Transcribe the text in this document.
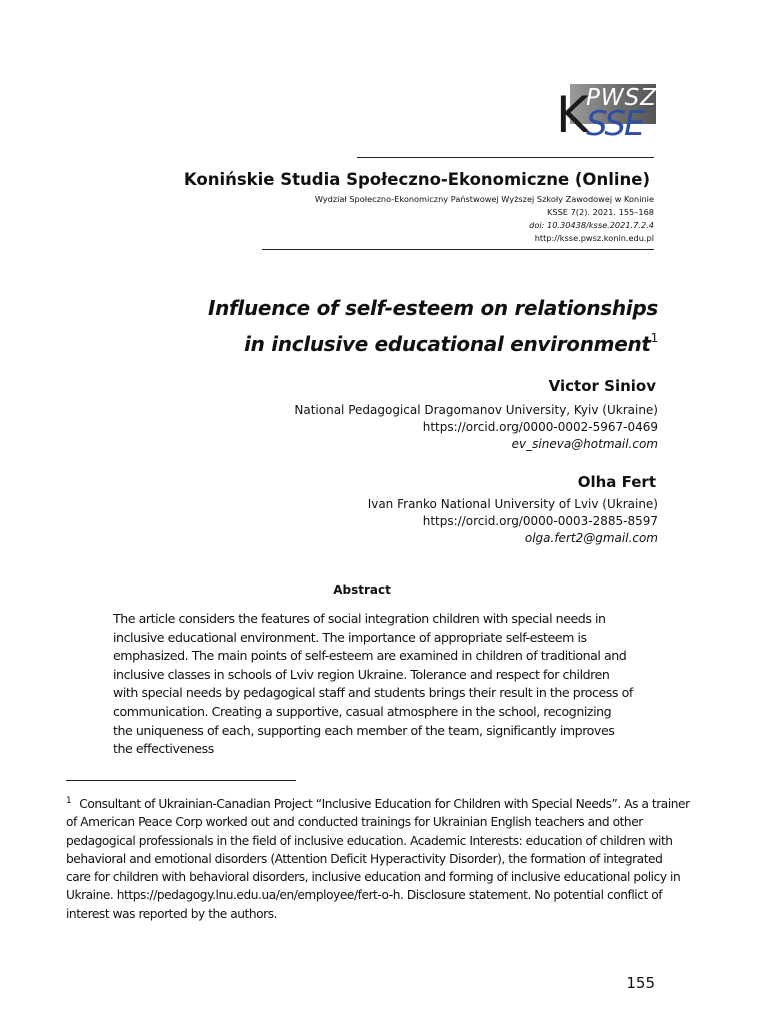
PWSZ
K SSE
Konińskie Studia Społeczno-Ekonomiczne (Online)
Wydział Społeczno-Ekonomiczny Państwowej Wyższej Szkoły Zawodowej w Koninie
KSSE 7(2). 2021. 155–168
doi: 10.30438/ksse.2021.7.2.4
http://ksse.pwsz.konin.edu.pl
Influence of self-esteem on relationships
in inclusive educational environment$^1$
Victor Siniov
National Pedagogical Dragomanov University, Kyiv (Ukraine)
https://orcid.org/0000-0002-5967-0469
ev_sineva@hotmail.com
Olha Fert
Ivan Franko National University of Lviv (Ukraine)
https://orcid.org/0000-0003-2885-8597
olga.fert2@gmail.com
Abstract
The article considers the features of social integration children with special needs in inclusive educational environment. The importance of appropriate self-esteem is emphasized. The main points of self-esteem are examined in children of traditional and inclusive classes in schools of Lviv region Ukraine. Tolerance and respect for children with special needs by pedagogical staff and students brings their result in the process of communication. Creating a supportive, casual atmosphere in the school, recognizing the uniqueness of each, supporting each member of the team, significantly improves the effectiveness
$^1$ Consultant of Ukrainian-Canadian Project “Inclusive Education for Children with Special Needs”. As a trainer of American Peace Corp worked out and conducted trainings for Ukrainian English teachers and other pedagogical professionals in the field of inclusive education. Academic Interests: education of children with behavioral and emotional disorders (Attention Deficit Hyperactivity Disorder), the formation of integrated care for children with behavioral disorders, inclusive education and forming of inclusive educational policy in Ukraine. https://pedagogy.lnu.edu.ua/en/employee/fert-o-h. Disclosure statement. No potential conflict of interest was reported by the authors.
155
